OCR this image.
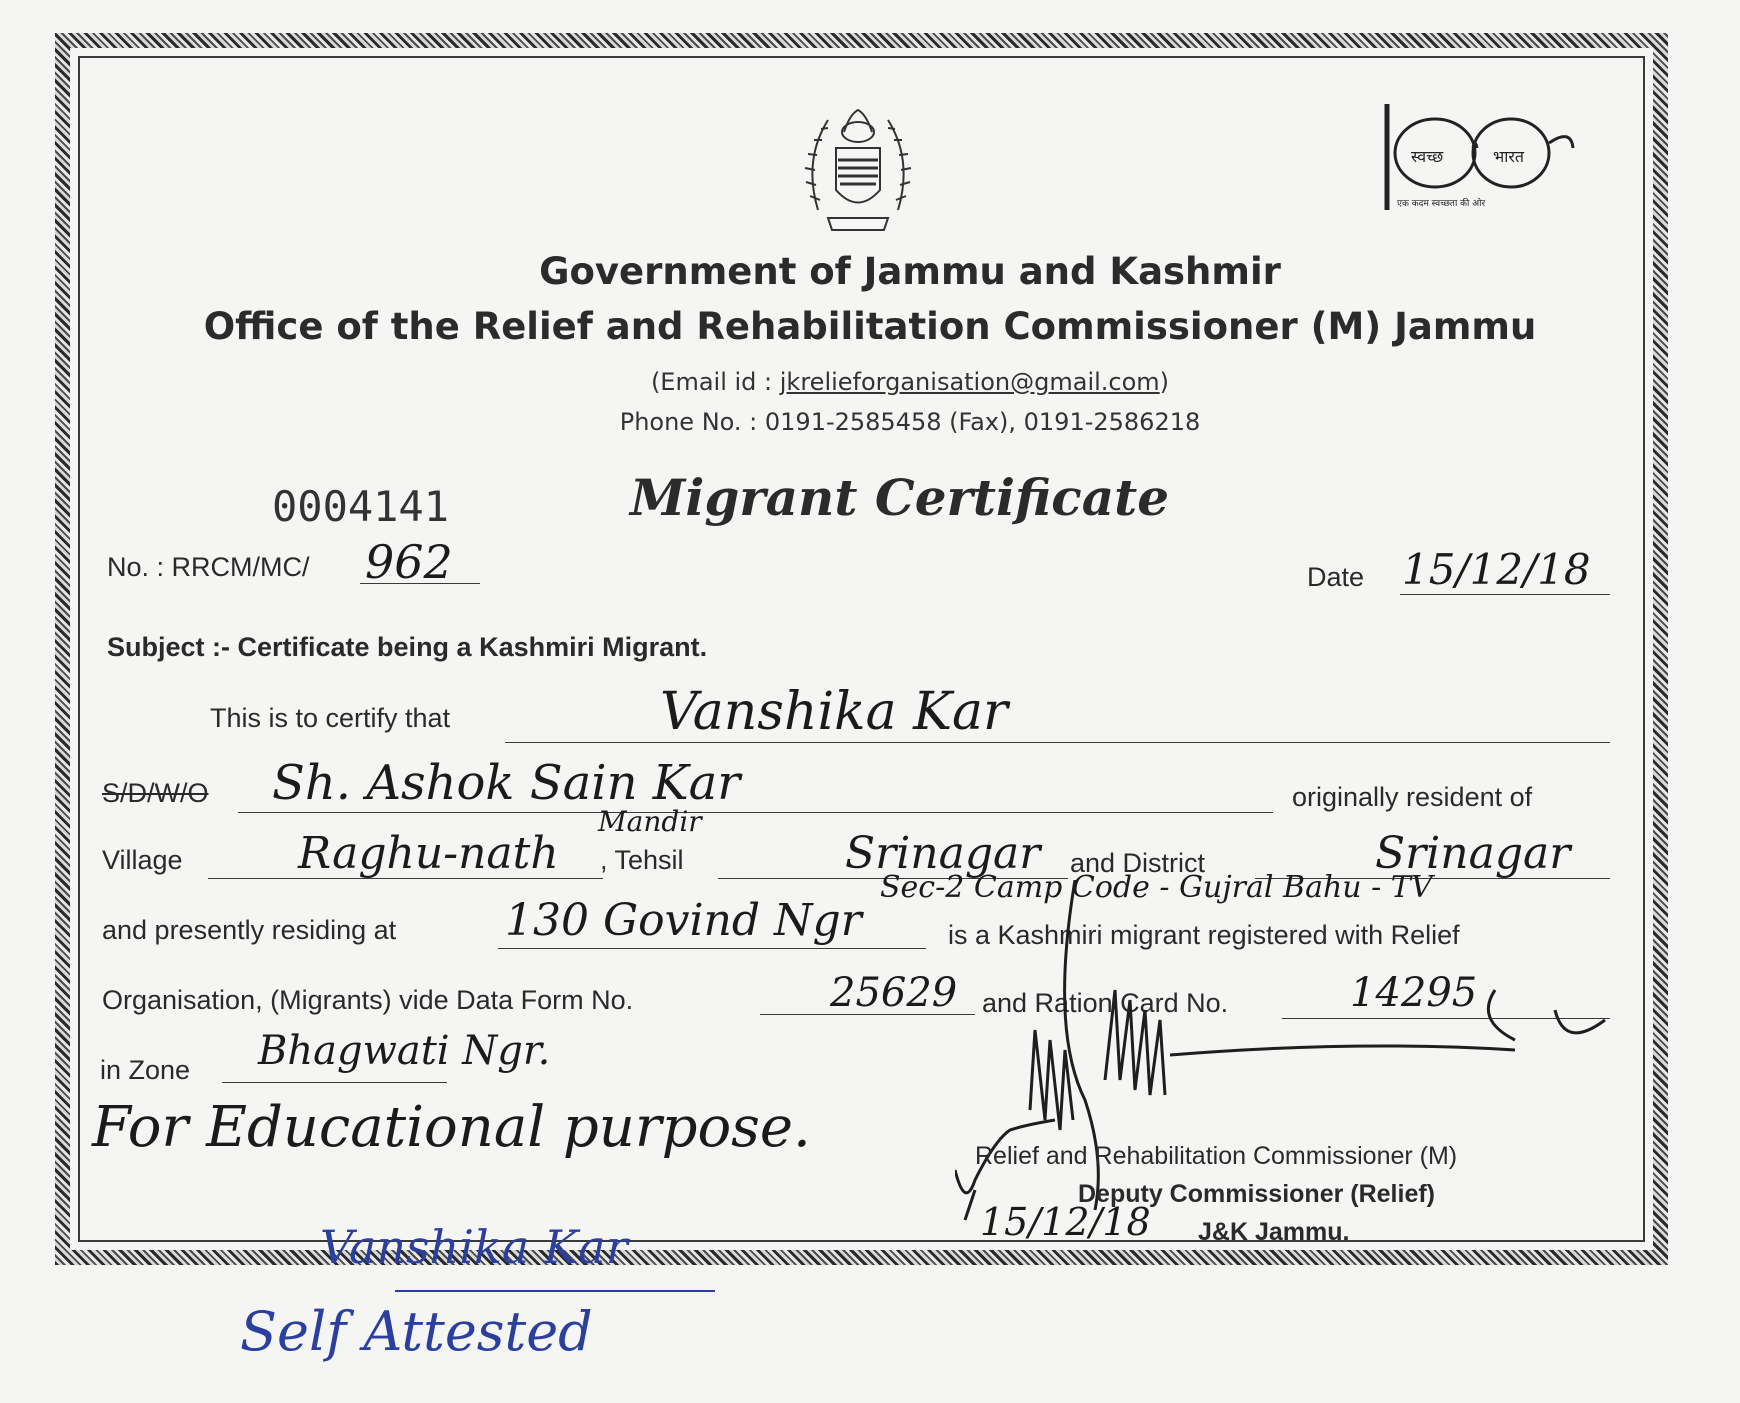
स्वच्छ	भारत
एक कदम स्वच्छता की ओर
Government of Jammu and Kashmir
Office of the Relief and Rehabilitation Commissioner (M) Jammu
(Email id : jkrelieforganisation@gmail.com)
Phone No. : 0191-2585458 (Fax), 0191-2586218
0004141	Migrant Certificate
No. : RRCM/MC/ 962	Date 15/12/18
Subject :- Certificate being a Kashmiri Migrant.
This is to certify that	Vanshika Kar
S/D/W/O Sh. Ashok Sain Kar	originally resident of
Village
Mandir
Raghu-nath , Tehsil	Srinagar and District	Srinagar
and presently residing at 130 Govind Ngr
Sec-2 Camp Code - Gujral Bahu - TV
is a Kashmiri migrant registered with Relief
Organisation, (Migrants) vide Data Form No.	25629 and Ration Card No.	14295
in Zone Bhagwati Ngr.
For Educational purpose.
15/12/18
Relief and Rehabilitation Commissioner (M)
Deputy Commissioner (Relief)
J&K Jammu.
Vanshika Kar
Self Attested
